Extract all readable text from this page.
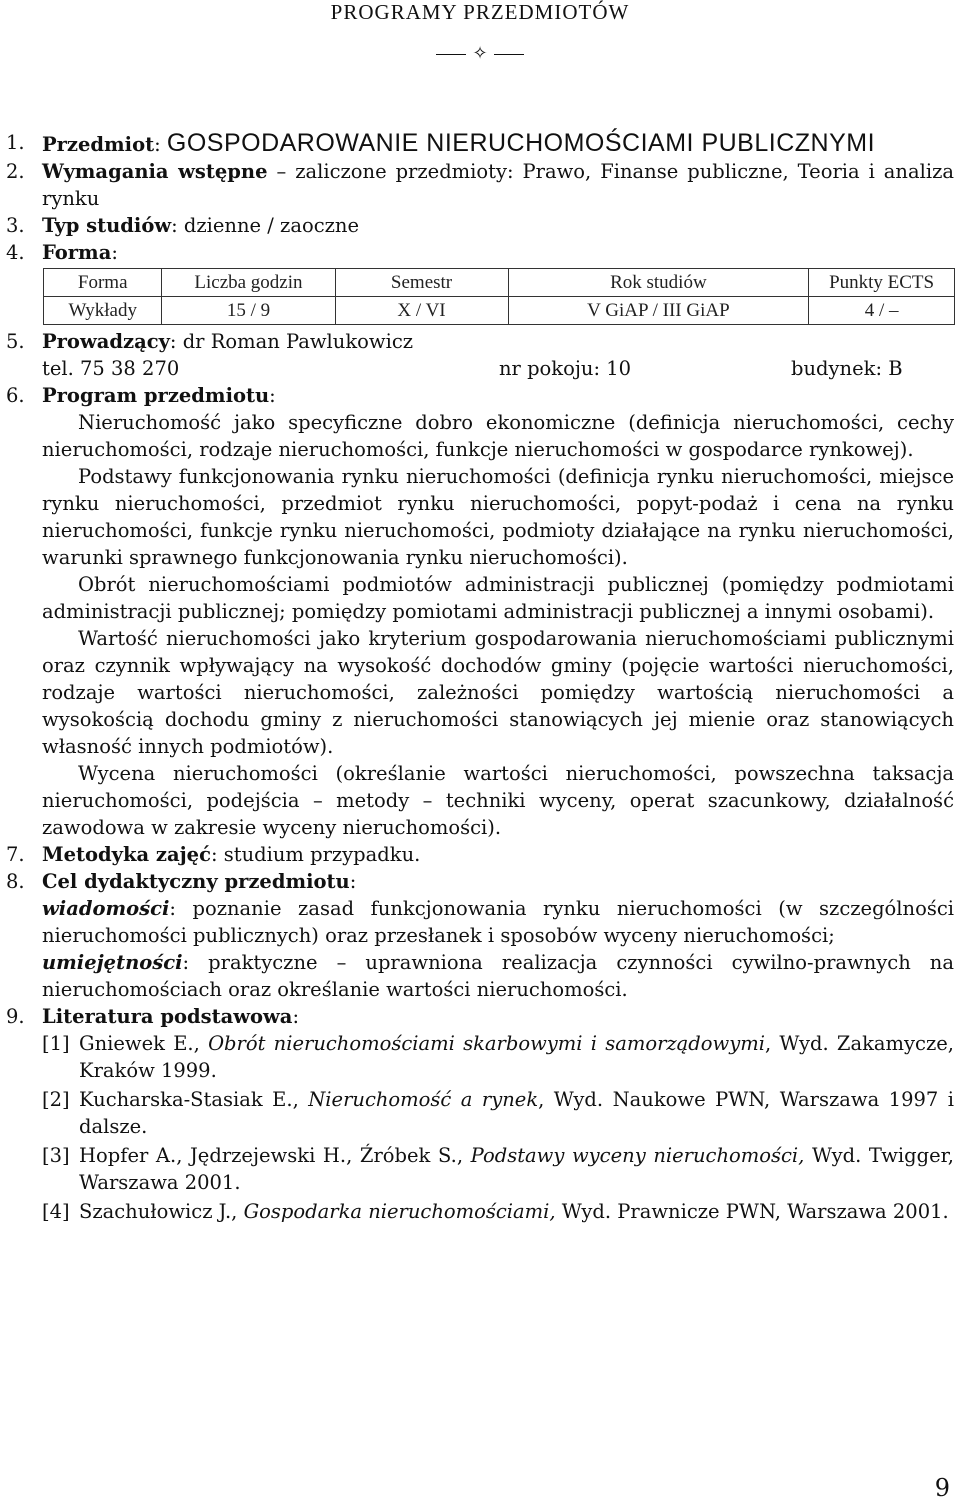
PROGRAMY PRZEDMIOTÓW
✧
1. Przedmiot: GOSPODAROWANIE NIERUCHOMOŚCIAMI PUBLICZNYMI
2. Wymagania wstępne – zaliczone przedmioty: Prawo, Finanse publiczne, Teoria i analiza rynku
3. Typ studiów: dzienne / zaoczne
4. Forma:
Forma	Liczba godzin	Semestr	Rok studiów	Punkty ECTS
Wykłady	15 / 9	X / VI	V GiAP / III GiAP	4 / –
5. Prowadzący: dr Roman Pawlukowicz
tel. 75 38 270	nr pokoju: 10	budynek: B
6. Program przedmiotu:
Nieruchomość jako specyficzne dobro ekonomiczne (definicja nieruchomości, cechy nieruchomości, rodzaje nieruchomości, funkcje nieruchomości w gospodarce rynkowej).
Podstawy funkcjonowania rynku nieruchomości (definicja rynku nieruchomości, miejsce rynku nieruchomości, przedmiot rynku nieruchomości, popyt-podaż i cena na rynku nieruchomości, funkcje rynku nieruchomości, podmioty działające na rynku nieruchomości, warunki sprawnego funkcjonowania rynku nieruchomości).
Obrót nieruchomościami podmiotów administracji publicznej (pomiędzy podmiotami administracji publicznej; pomiędzy pomiotami administracji publicznej a innymi osobami).
Wartość nieruchomości jako kryterium gospodarowania nieruchomościami publicznymi oraz czynnik wpływający na wysokość dochodów gminy (pojęcie wartości nieruchomości, rodzaje wartości nieruchomości, zależności pomiędzy wartością nieruchomości a wysokością dochodu gminy z nieruchomości stanowiących jej mienie oraz stanowiących własność innych podmiotów).
Wycena nieruchomości (określanie wartości nieruchomości, powszechna taksacja nieruchomości, podejścia – metody – techniki wyceny, operat szacunkowy, działalność zawodowa w zakresie wyceny nieruchomości).
7. Metodyka zajęć: studium przypadku.
8. Cel dydaktyczny przedmiotu:
wiadomości: poznanie zasad funkcjonowania rynku nieruchomości (w szczególności nieruchomości publicznych) oraz przesłanek i sposobów wyceny nieruchomości;
umiejętności: praktyczne – uprawniona realizacja czynności cywilno-prawnych na nieruchomościach oraz określanie wartości nieruchomości.
9. Literatura podstawowa:
[1] Gniewek E., Obrót nieruchomościami skarbowymi i samorządowymi, Wyd. Zakamycze, Kraków 1999.
[2] Kucharska-Stasiak E., Nieruchomość a rynek, Wyd. Naukowe PWN, Warszawa 1997 i dalsze.
[3] Hopfer A., Jędrzejewski H., Źróbek S., Podstawy wyceny nieruchomości, Wyd. Twigger, Warszawa 2001.
[4] Szachułowicz J., Gospodarka nieruchomościami, Wyd. Prawnicze PWN, Warszawa 2001.
9
